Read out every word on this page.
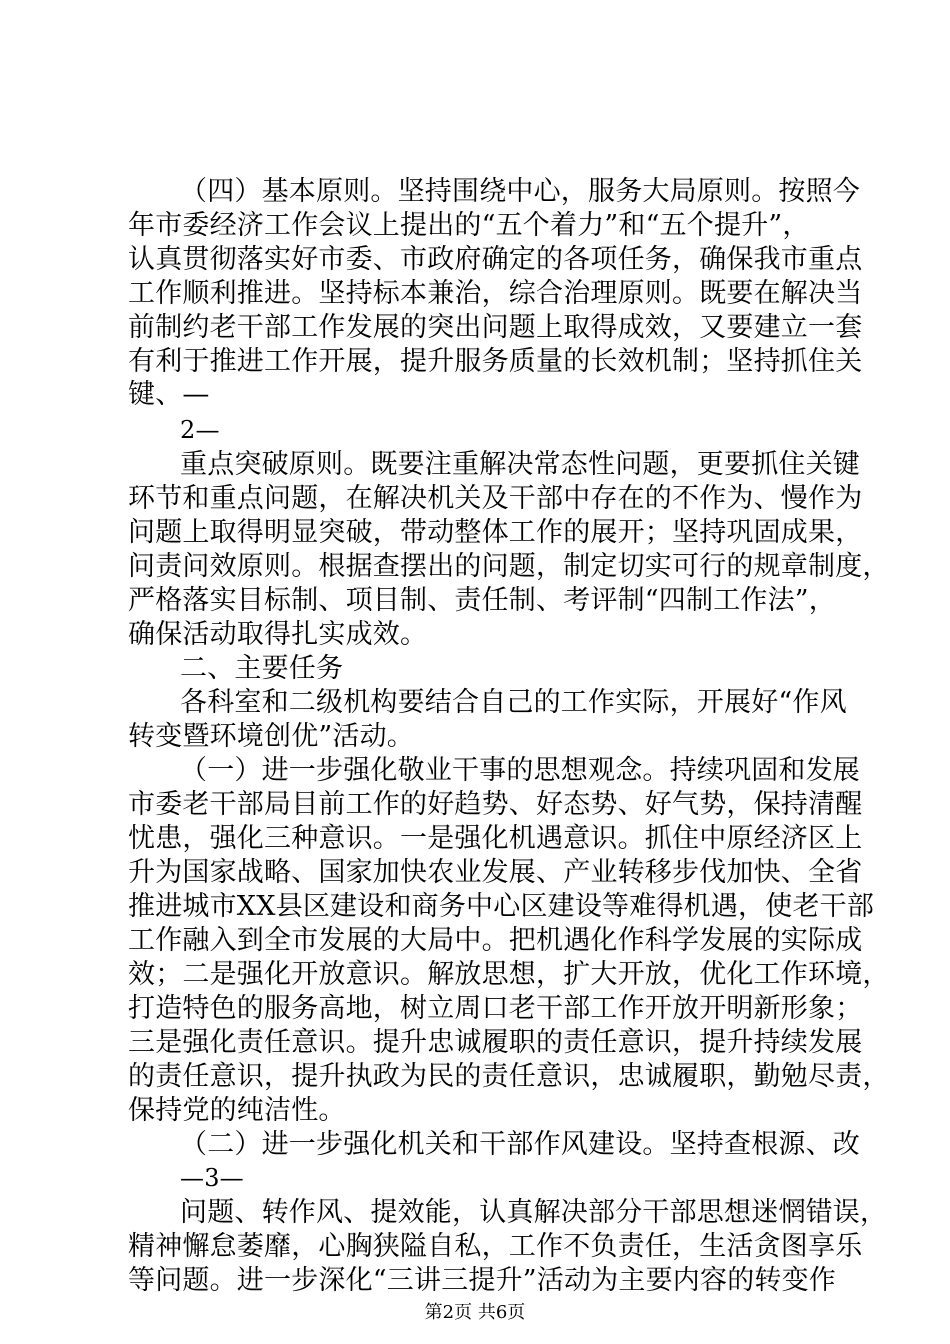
（四）基本原则。坚持围绕中心，服务大局原则。按照今
年市委经济工作会议上提出的“五个着力”和“五个提升”，
认真贯彻落实好市委、市政府确定的各项任务，确保我市重点
工作顺利推进。坚持标本兼治，综合治理原则。既要在解决当
前制约老干部工作发展的突出问题上取得成效，又要建立一套
有利于推进工作开展，提升服务质量的长效机制；坚持抓住关
键、—
2—
重点突破原则。既要注重解决常态性问题，更要抓住关键
环节和重点问题，在解决机关及干部中存在的不作为、慢作为
问题上取得明显突破，带动整体工作的展开；坚持巩固成果，
问责问效原则。根据查摆出的问题，制定切实可行的规章制度，
严格落实目标制、项目制、责任制、考评制“四制工作法”，
确保活动取得扎实成效。
二、主要任务
各科室和二级机构要结合自己的工作实际，开展好“作风
转变暨环境创优”活动。
（一）进一步强化敬业干事的思想观念。持续巩固和发展
市委老干部局目前工作的好趋势、好态势、好气势，保持清醒
忧患，强化三种意识。一是强化机遇意识。抓住中原经济区上
升为国家战略、国家加快农业发展、产业转移步伐加快、全省
推进城市XX县区建设和商务中心区建设等难得机遇，使老干部
工作融入到全市发展的大局中。把机遇化作科学发展的实际成
效；二是强化开放意识。解放思想，扩大开放，优化工作环境，
打造特色的服务高地，树立周口老干部工作开放开明新形象；
三是强化责任意识。提升忠诚履职的责任意识，提升持续发展
的责任意识，提升执政为民的责任意识，忠诚履职，勤勉尽责，
保持党的纯洁性。
（二）进一步强化机关和干部作风建设。坚持查根源、改
—3—
问题、转作风、提效能，认真解决部分干部思想迷惘错误，
精神懈怠萎靡，心胸狭隘自私，工作不负责任，生活贪图享乐
等问题。进一步深化“三讲三提升”活动为主要内容的转变作
第2页 共6页
